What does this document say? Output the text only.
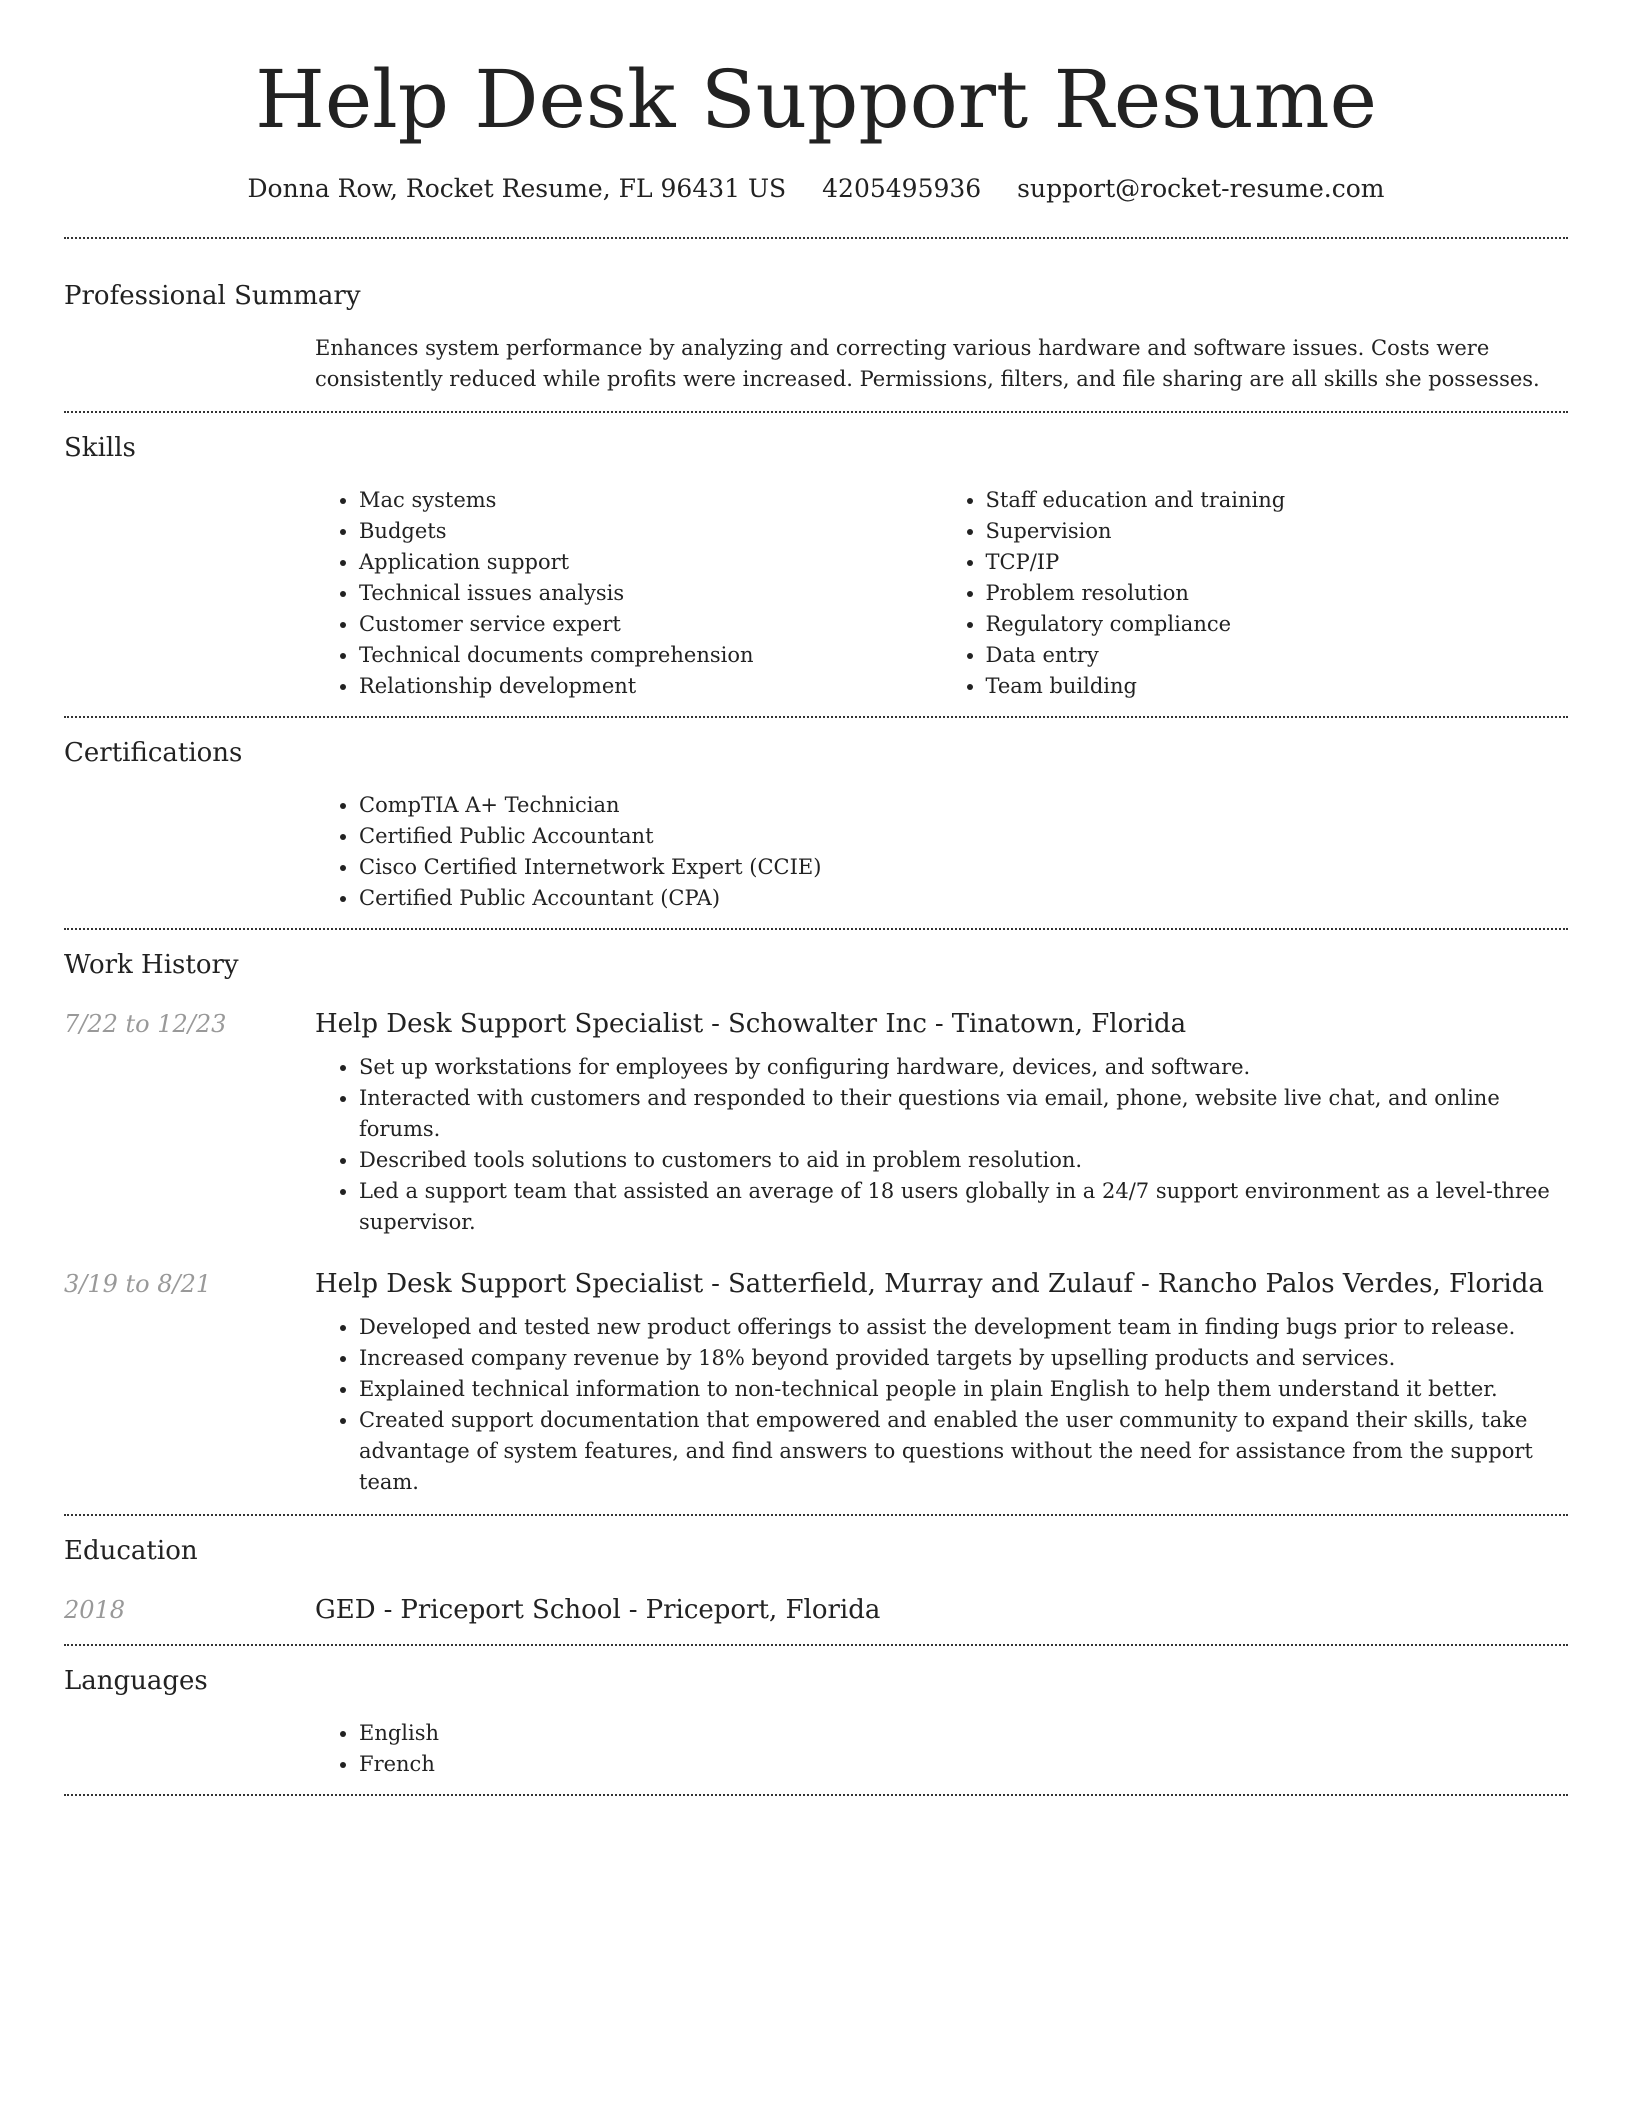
Help Desk Support Resume
Donna Row, Rocket Resume, FL 96431 US 4205495936 support@rocket-resume.com
Professional Summary

Enhances system performance by analyzing and correcting various hardware and software issues. Costs were consistently reduced while profits were increased. Permissions, filters, and file sharing are all skills she possesses.

Skills
• Mac systems
• Budgets
• Application support
• Technical issues analysis
• Customer service expert
• Technical documents comprehension
• Relationship development
• Staff education and training
• Supervision
• TCP/IP
• Problem resolution
• Regulatory compliance
• Data entry
• Team building
Certifications
• CompTIA A+ Technician
• Certified Public Accountant
• Cisco Certified Internetwork Expert (CCIE)
• Certified Public Accountant (CPA)
Work History
7/22 to 12/23	Help Desk Support Specialist - Schowalter Inc - Tinatown, Florida
• Set up workstations for employees by configuring hardware, devices, and software.
• Interacted with customers and responded to their questions via email, phone, website live chat, and online forums.
• Described tools solutions to customers to aid in problem resolution.
• Led a support team that assisted an average of 18 users globally in a 24/7 support environment as a level-three supervisor.
3/19 to 8/21	Help Desk Support Specialist - Satterfield, Murray and Zulauf - Rancho Palos Verdes, Florida
• Developed and tested new product offerings to assist the development team in finding bugs prior to release.
• Increased company revenue by 18% beyond provided targets by upselling products and services.
• Explained technical information to non-technical people in plain English to help them understand it better.
• Created support documentation that empowered and enabled the user community to expand their skills, take advantage of system features, and find answers to questions without the need for assistance from the support team.
Education
2018	GED - Priceport School - Priceport, Florida
Languages
• English
• French
